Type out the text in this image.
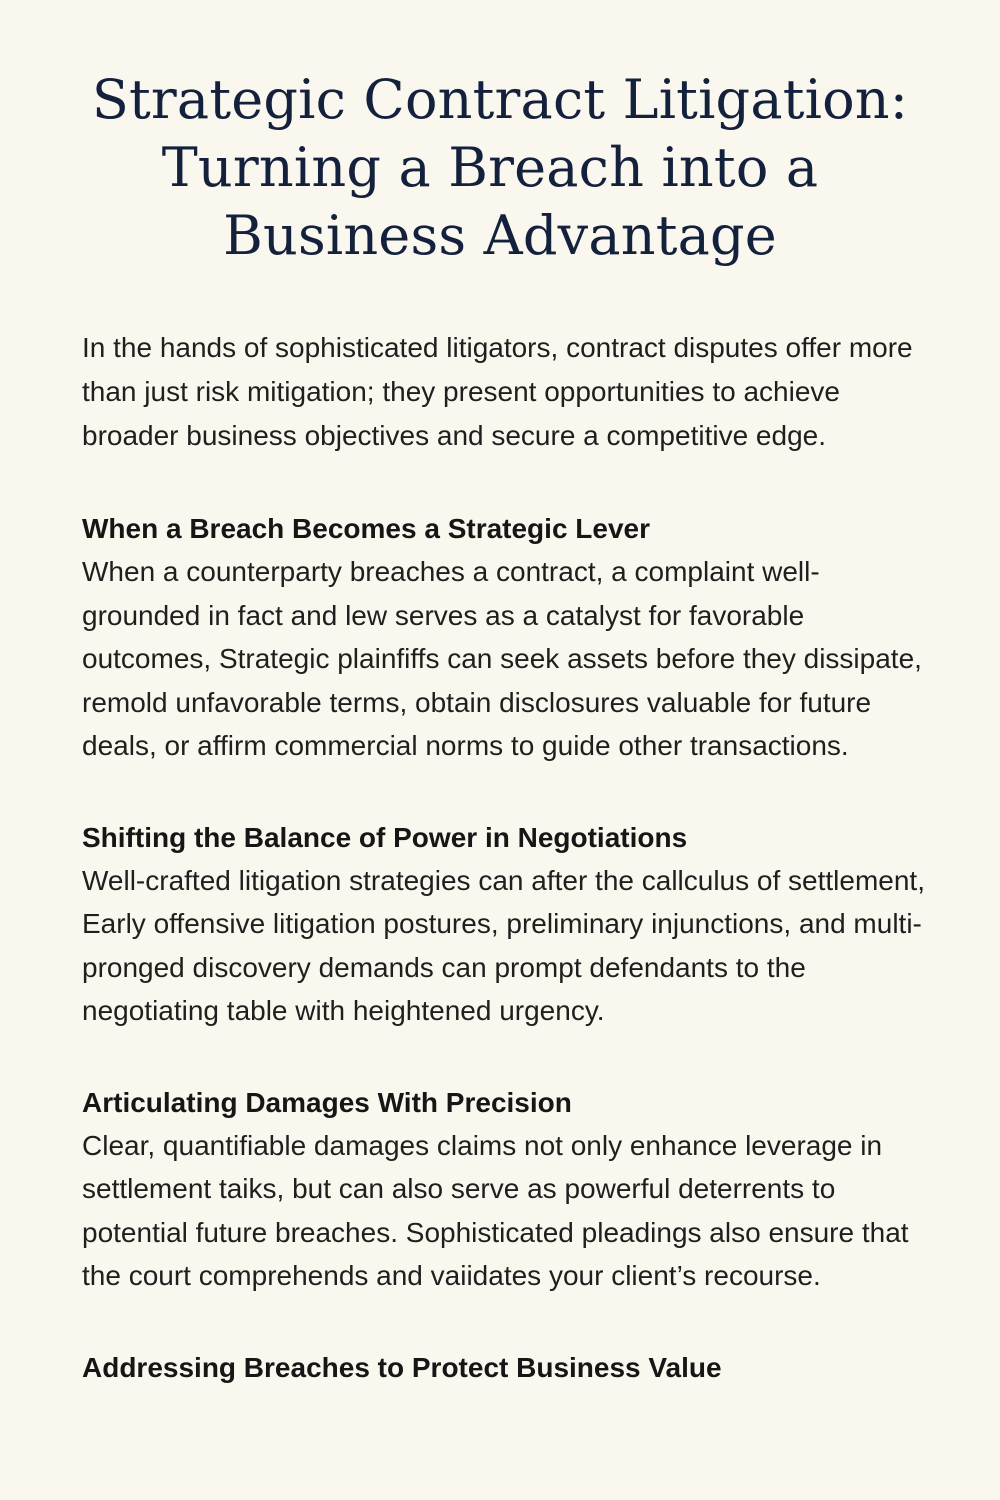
Strategic Contract Litigation:
Turning a Breach into a
Business Advantage

In the hands of sophisticated litigators, contract disputes offer more than just risk mitigation; they present opportunities to achieve broader business objectives and secure a competitive edge.

When a Breach Becomes a Strategic Lever

When a counterparty breaches a contract, a complaint well-grounded in fact and lew serves as a catalyst for favorable outcomes, Strategic plainfiffs can seek assets before they dissipate, remold unfavorable terms, obtain disclosures valuable for future deals, or affirm commercial norms to guide other transactions.

Shifting the Balance of Power in Negotiations

Well-crafted litigation strategies can after the callculus of settlement, Early offensive litigation postures, preliminary injunctions, and multi-pronged discovery demands can prompt defendants to the negotiating table with heightened urgency.

Articulating Damages With Precision

Clear, quantifiable damages claims not only enhance leverage in settlement taiks, but can also serve as powerful deterrents to potential future breaches. Sophisticated pleadings also ensure that the court comprehends and vaiidates your client’s recourse.

Addressing Breaches to Protect Business Value
